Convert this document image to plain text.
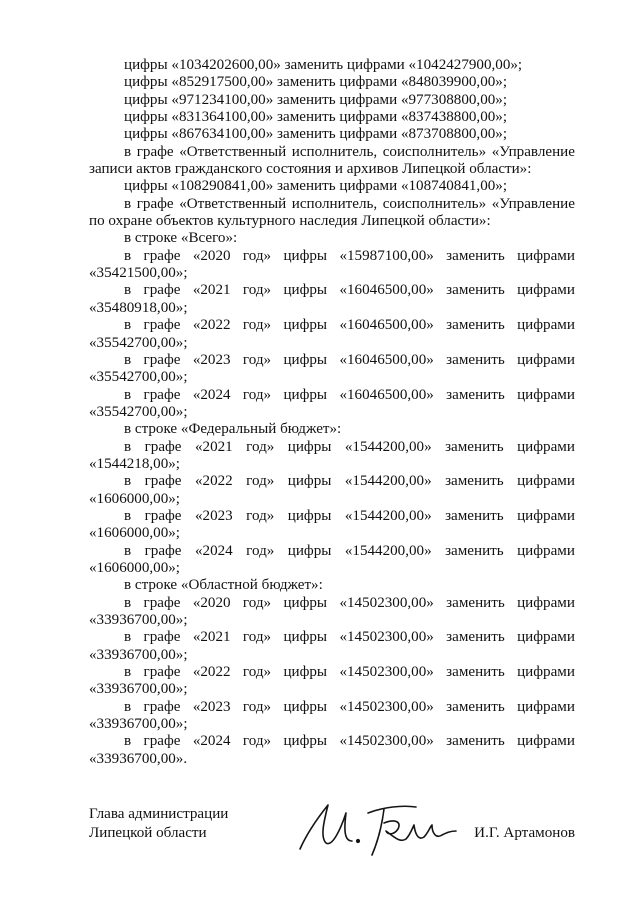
цифры «1034202600,00» заменить цифрами «1042427900,00»;
цифры «852917500,00» заменить цифрами «848039900,00»;
цифры «971234100,00» заменить цифрами «977308800,00»;
цифры «831364100,00» заменить цифрами «837438800,00»;
цифры «867634100,00» заменить цифрами «873708800,00»;
в графе «Ответственный исполнитель, соисполнитель» «Управление
записи актов гражданского состояния и архивов Липецкой области»:
цифры «108290841,00» заменить цифрами «108740841,00»;
в графе «Ответственный исполнитель, соисполнитель» «Управление
по охране объектов культурного наследия Липецкой области»:
в строке «Всего»:
в графе «2020 год» цифры «15987100,00» заменить цифрами
«35421500,00»;
в графе «2021 год» цифры «16046500,00» заменить цифрами
«35480918,00»;
в графе «2022 год» цифры «16046500,00» заменить цифрами
«35542700,00»;
в графе «2023 год» цифры «16046500,00» заменить цифрами
«35542700,00»;
в графе «2024 год» цифры «16046500,00» заменить цифрами
«35542700,00»;
в строке «Федеральный бюджет»:
в графе «2021 год» цифры «1544200,00» заменить цифрами
«1544218,00»;
в графе «2022 год» цифры «1544200,00» заменить цифрами
«1606000,00»;
в графе «2023 год» цифры «1544200,00» заменить цифрами
«1606000,00»;
в графе «2024 год» цифры «1544200,00» заменить цифрами
«1606000,00»;
в строке «Областной бюджет»:
в графе «2020 год» цифры «14502300,00» заменить цифрами
«33936700,00»;
в графе «2021 год» цифры «14502300,00» заменить цифрами
«33936700,00»;
в графе «2022 год» цифры «14502300,00» заменить цифрами
«33936700,00»;
в графе «2023 год» цифры «14502300,00» заменить цифрами
«33936700,00»;
в графе «2024 год» цифры «14502300,00» заменить цифрами
«33936700,00».
Глава администрации
Липецкой области	И.Г. Артамонов
